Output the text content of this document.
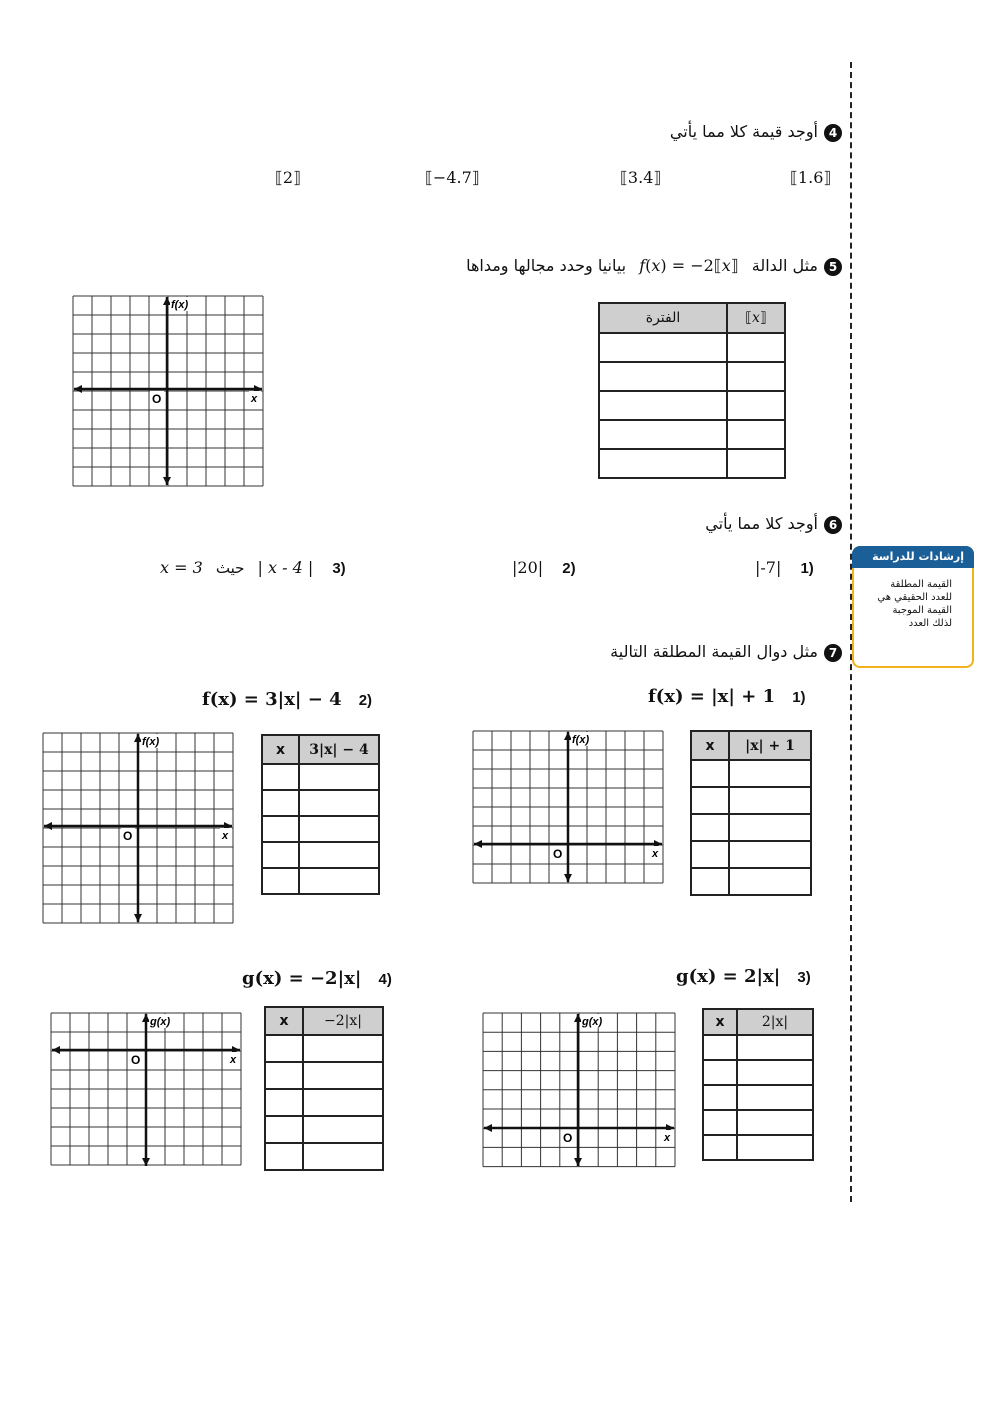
4أوجد قيمة كلا مما يأتي
⟦1.6⟧
⟦3.4⟧
⟦−4.7⟧
⟦2⟧
5مثل الدالة 𝑓(𝑥) = −2⟦𝑥⟧ بيانيا وحدد مجالها ومداها
الفترة	⟦𝑥⟧

f(x)
x
O
6أوجد كلا مما يأتي
|-7| 1)
|20| 2)
x = 3 حيث | x - 4 | 3)
7مثل دوال القيمة المطلقة التالية
f(x) = |x| + 1 1)
f(x) = 3|x| − 4 2)
g(x) = 2|x| 3)
g(x) = −2|x| 4)
x	|x| + 1

x	3|x| − 4

x	2|x|

x	−2|x|

f(x)
x
O
f(x)
x
O
g(x)
x
O
g(x)
x
O
إرشادات للدراسة
القيمة المطلقة للعدد الحقيقي هي القيمة الموجبة لذلك العدد
